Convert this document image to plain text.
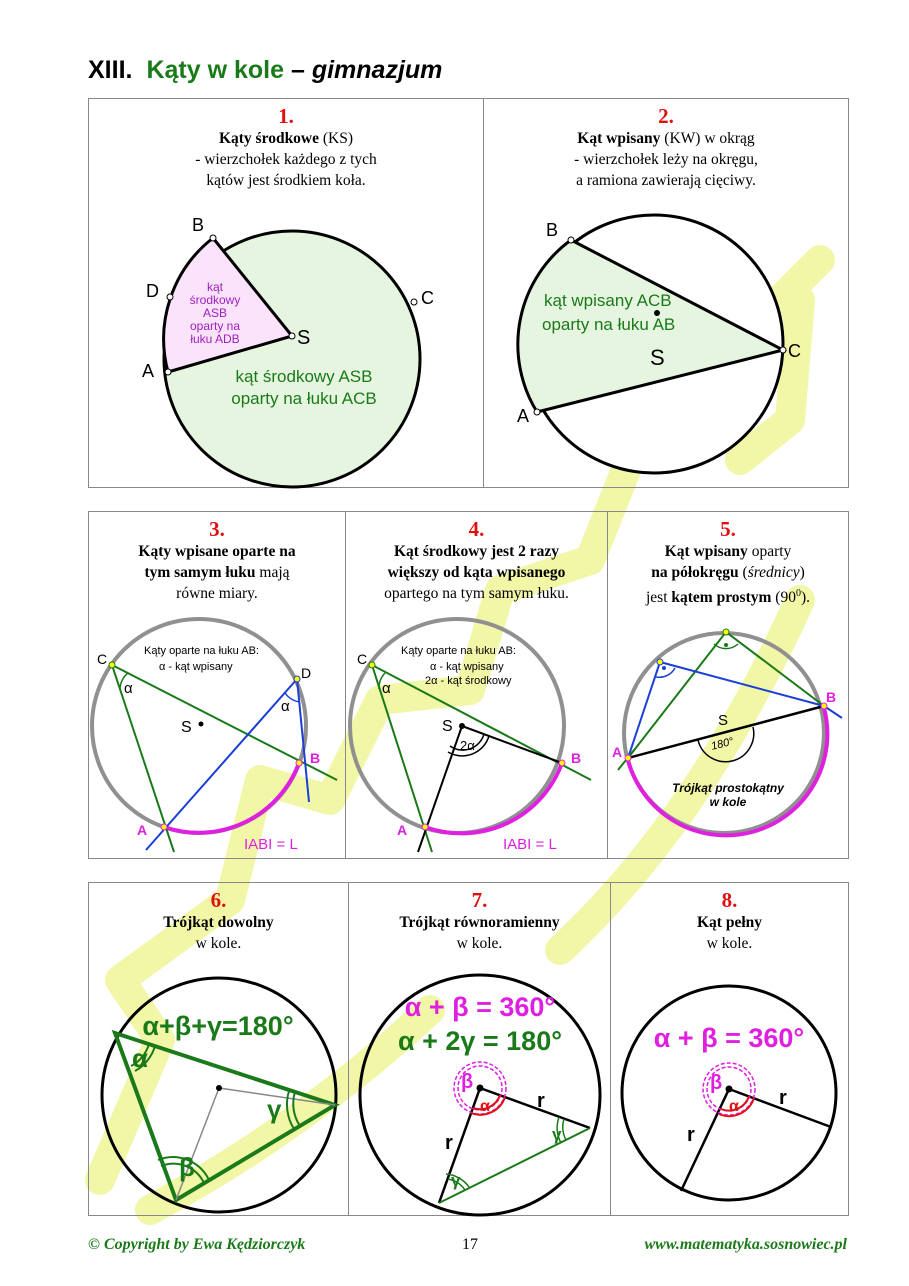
XIII. Kąty w kole – gimnazjum
1.
Kąty środkowe (KS)
- wierzchołek każdego z tych
kątów jest środkiem koła.
B
D
A
C
S
kąt
środkowy
ASB
oparty na
łuku ADB
kąt środkowy ASB
oparty na łuku ACB
2.
Kąt wpisany (KW) w okrąg
- wierzchołek leży na okręgu,
a ramiona zawierają cięciwy.
B
C
A
S
kąt wpisany ACB
oparty na łuku AB
3.
Kąty wpisane oparte na
tym samym łuku mają
równe miary.
C
D
B
A
S
α
α
Kąty oparte na łuku AB:
α - kąt wpisany
IABI = L
4.
Kąt środkowy jest 2 razy
większy od kąta wpisanego
opartego na tym samym łuku.
C
B
A
S
α
2α
Kąty oparte na łuku AB:
α - kąt wpisany
2α - kąt środkowy
IABI = L
5.
Kąt wpisany oparty
na półokręgu (średnicy)
jest kątem prostym $(90^0)$.
A
B
S
180°
Trójkąt prostokątny
w kole
6.
Trójkąt dowolny
w kole.
α+β+γ=180°
α
γ
β
7.
Trójkąt równoramienny
w kole.
α + β = 360°
α + 2γ = 180°
β
α r
r	γ
γ
8.
Kąt pełny
w kole.
α + β = 360°
β
α r
r
© Copyright by Ewa Kędziorczyk	17	www.matematyka.sosnowiec.pl
